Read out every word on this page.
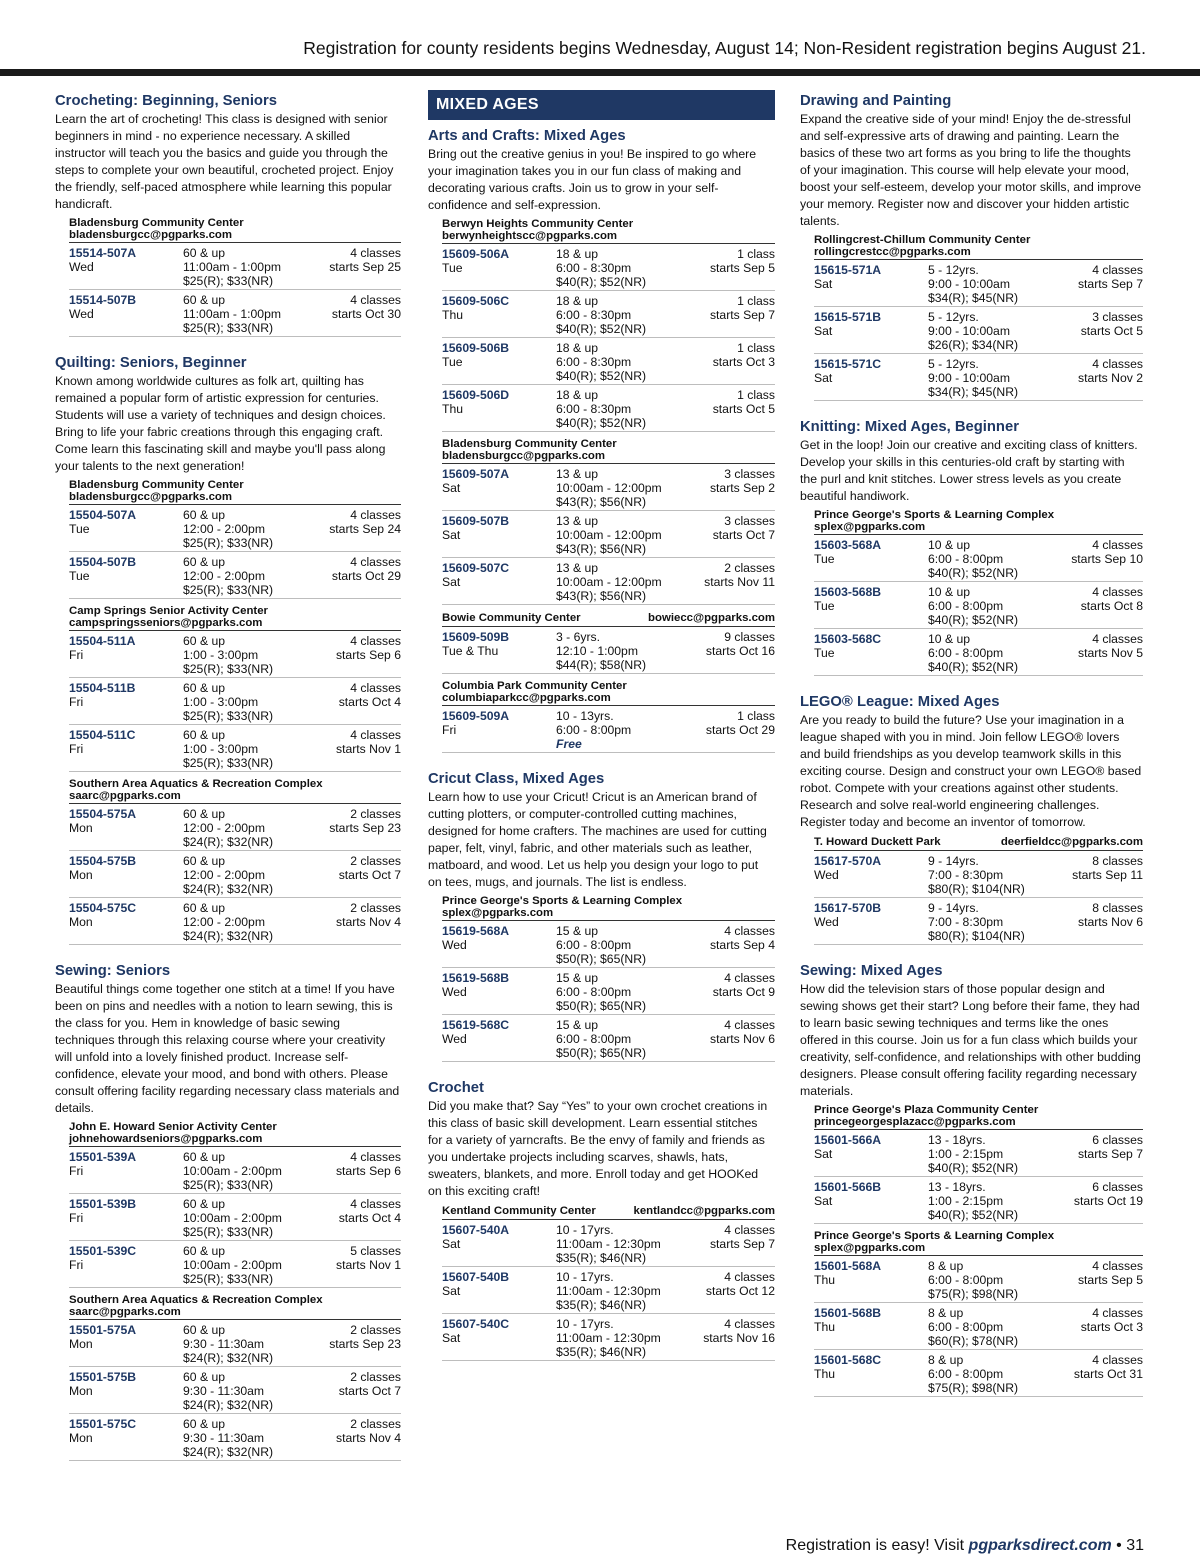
Registration for county residents begins Wednesday, August 14; Non-Resident registration begins August 21.
Crocheting: Beginning, Seniors

Learn the art of crocheting! This class is designed with senior beginners in mind - no experience necessary. A skilled instructor will teach you the basics and guide you through the steps to complete your own beautiful, crocheted project. Enjoy the friendly, self-paced atmosphere while learning this popular handicraft.

Bladensburg Community Center
bladensburgcc@pgparks.com
15514-507A
Wed
60 & up
11:00am - 1:00pm
$25(R); $33(NR)
4 classes
starts Sep 25
15514-507B
Wed
60 & up
11:00am - 1:00pm
$25(R); $33(NR)
4 classes
starts Oct 30
Quilting: Seniors, Beginner

Known among worldwide cultures as folk art, quilting has remained a popular form of artistic expression for centuries. Students will use a variety of techniques and design choices. Bring to life your fabric creations through this engaging craft. Come learn this fascinating skill and maybe you'll pass along your talents to the next generation!

Bladensburg Community Center
bladensburgcc@pgparks.com
15504-507A
Tue
60 & up
12:00 - 2:00pm
$25(R); $33(NR)
4 classes
starts Sep 24
15504-507B
Tue
60 & up
12:00 - 2:00pm
$25(R); $33(NR)
4 classes
starts Oct 29
Camp Springs Senior Activity Center
campspringsseniors@pgparks.com
15504-511A
Fri
60 & up
1:00 - 3:00pm
$25(R); $33(NR)
4 classes
starts Sep 6
15504-511B
Fri
60 & up
1:00 - 3:00pm
$25(R); $33(NR)
4 classes
starts Oct 4
15504-511C
Fri
60 & up
1:00 - 3:00pm
$25(R); $33(NR)
4 classes
starts Nov 1
Southern Area Aquatics & Recreation Complex
saarc@pgparks.com
15504-575A
Mon
60 & up
12:00 - 2:00pm
$24(R); $32(NR)
2 classes
starts Sep 23
15504-575B
Mon
60 & up
12:00 - 2:00pm
$24(R); $32(NR)
2 classes
starts Oct 7
15504-575C
Mon
60 & up
12:00 - 2:00pm
$24(R); $32(NR)
2 classes
starts Nov 4
Sewing: Seniors

Beautiful things come together one stitch at a time! If you have been on pins and needles with a notion to learn sewing, this is the class for you. Hem in knowledge of basic sewing techniques through this relaxing course where your creativity will unfold into a lovely finished product. Increase self-confidence, elevate your mood, and bond with others. Please consult offering facility regarding necessary class materials and details.

John E. Howard Senior Activity Center
johnehowardseniors@pgparks.com
15501-539A
Fri
60 & up
10:00am - 2:00pm
$25(R); $33(NR)
4 classes
starts Sep 6
15501-539B
Fri
60 & up
10:00am - 2:00pm
$25(R); $33(NR)
4 classes
starts Oct 4
15501-539C
Fri
60 & up
10:00am - 2:00pm
$25(R); $33(NR)
5 classes
starts Nov 1
Southern Area Aquatics & Recreation Complex
saarc@pgparks.com
15501-575A
Mon
60 & up
9:30 - 11:30am
$24(R); $32(NR)
2 classes
starts Sep 23
15501-575B
Mon
60 & up
9:30 - 11:30am
$24(R); $32(NR)
2 classes
starts Oct 7
15501-575C
Mon
60 & up
9:30 - 11:30am
$24(R); $32(NR)
2 classes
starts Nov 4
MIXED AGES
Arts and Crafts: Mixed Ages

Bring out the creative genius in you! Be inspired to go where your imagination takes you in our fun class of making and decorating various crafts. Join us to grow in your self-confidence and self-expression.

Berwyn Heights Community Center
berwynheightscc@pgparks.com
15609-506A
Tue
18 & up
6:00 - 8:30pm
$40(R); $52(NR)
1 class
starts Sep 5
15609-506C
Thu
18 & up
6:00 - 8:30pm
$40(R); $52(NR)
1 class
starts Sep 7
15609-506B
Tue
18 & up
6:00 - 8:30pm
$40(R); $52(NR)
1 class
starts Oct 3
15609-506D
Thu
18 & up
6:00 - 8:30pm
$40(R); $52(NR)
1 class
starts Oct 5
Bladensburg Community Center
bladensburgcc@pgparks.com
15609-507A
Sat
13 & up
10:00am - 12:00pm
$43(R); $56(NR)
3 classes
starts Sep 2
15609-507B
Sat
13 & up
10:00am - 12:00pm
$43(R); $56(NR)
3 classes
starts Oct 7
15609-507C
Sat
13 & up
10:00am - 12:00pm
$43(R); $56(NR)
2 classes
starts Nov 11
Bowie Community Center	bowiecc@pgparks.com
15609-509B
Tue & Thu
3 - 6yrs.
12:10 - 1:00pm
$44(R); $58(NR)
9 classes
starts Oct 16
Columbia Park Community Center
columbiaparkcc@pgparks.com
15609-509A
Fri
10 - 13yrs.
6:00 - 8:00pm
Free
1 class
starts Oct 29
Cricut Class, Mixed Ages

Learn how to use your Cricut! Cricut is an American brand of cutting plotters, or computer-controlled cutting machines, designed for home crafters. The machines are used for cutting paper, felt, vinyl, fabric, and other materials such as leather, matboard, and wood. Let us help you design your logo to put on tees, mugs, and journals. The list is endless.

Prince George's Sports & Learning Complex
splex@pgparks.com
15619-568A
Wed
15 & up
6:00 - 8:00pm
$50(R); $65(NR)
4 classes
starts Sep 4
15619-568B
Wed
15 & up
6:00 - 8:00pm
$50(R); $65(NR)
4 classes
starts Oct 9
15619-568C
Wed
15 & up
6:00 - 8:00pm
$50(R); $65(NR)
4 classes
starts Nov 6
Crochet

Did you make that? Say “Yes” to your own crochet creations in this class of basic skill development. Learn essential stitches for a variety of yarncrafts. Be the envy of family and friends as you undertake projects including scarves, shawls, hats, sweaters, blankets, and more. Enroll today and get HOOKed on this exciting craft!

Kentland Community Center	kentlandcc@pgparks.com
15607-540A
Sat
10 - 17yrs.
11:00am - 12:30pm
$35(R); $46(NR)
4 classes
starts Sep 7
15607-540B
Sat
10 - 17yrs.
11:00am - 12:30pm
$35(R); $46(NR)
4 classes
starts Oct 12
15607-540C
Sat
10 - 17yrs.
11:00am - 12:30pm
$35(R); $46(NR)
4 classes
starts Nov 16
Drawing and Painting

Expand the creative side of your mind! Enjoy the de-stressful and self-expressive arts of drawing and painting. Learn the basics of these two art forms as you bring to life the thoughts of your imagination. This course will help elevate your mood, boost your self-esteem, develop your motor skills, and improve your memory. Register now and discover your hidden artistic talents.

Rollingcrest-Chillum Community Center
rollingcrestcc@pgparks.com
15615-571A
Sat
5 - 12yrs.
9:00 - 10:00am
$34(R); $45(NR)
4 classes
starts Sep 7
15615-571B
Sat
5 - 12yrs.
9:00 - 10:00am
$26(R); $34(NR)
3 classes
starts Oct 5
15615-571C
Sat
5 - 12yrs.
9:00 - 10:00am
$34(R); $45(NR)
4 classes
starts Nov 2
Knitting: Mixed Ages, Beginner

Get in the loop! Join our creative and exciting class of knitters. Develop your skills in this centuries-old craft by starting with the purl and knit stitches. Lower stress levels as you create beautiful handiwork.

Prince George's Sports & Learning Complex
splex@pgparks.com
15603-568A
Tue
10 & up
6:00 - 8:00pm
$40(R); $52(NR)
4 classes
starts Sep 10
15603-568B
Tue
10 & up
6:00 - 8:00pm
$40(R); $52(NR)
4 classes
starts Oct 8
15603-568C
Tue
10 & up
6:00 - 8:00pm
$40(R); $52(NR)
4 classes
starts Nov 5
LEGO® League: Mixed Ages

Are you ready to build the future? Use your imagination in a league shaped with you in mind. Join fellow LEGO® lovers and build friendships as you develop teamwork skills in this exciting course. Design and construct your own LEGO® based robot. Compete with your creations against other students. Research and solve real-world engineering challenges. Register today and become an inventor of tomorrow.

T. Howard Duckett Park	deerfieldcc@pgparks.com
15617-570A
Wed
9 - 14yrs.
7:00 - 8:30pm
$80(R); $104(NR)
8 classes
starts Sep 11
15617-570B
Wed
9 - 14yrs.
7:00 - 8:30pm
$80(R); $104(NR)
8 classes
starts Nov 6
Sewing: Mixed Ages

How did the television stars of those popular design and sewing shows get their start? Long before their fame, they had to learn basic sewing techniques and terms like the ones offered in this course. Join us for a fun class which builds your creativity, self-confidence, and relationships with other budding designers. Please consult offering facility regarding necessary materials.

Prince George's Plaza Community Center
princegeorgesplazacc@pgparks.com
15601-566A
Sat
13 - 18yrs.
1:00 - 2:15pm
$40(R); $52(NR)
6 classes
starts Sep 7
15601-566B
Sat
13 - 18yrs.
1:00 - 2:15pm
$40(R); $52(NR)
6 classes
starts Oct 19
Prince George's Sports & Learning Complex
splex@pgparks.com
15601-568A
Thu
8 & up
6:00 - 8:00pm
$75(R); $98(NR)
4 classes
starts Sep 5
15601-568B
Thu
8 & up
6:00 - 8:00pm
$60(R); $78(NR)
4 classes
starts Oct 3
15601-568C
Thu
8 & up
6:00 - 8:00pm
$75(R); $98(NR)
4 classes
starts Oct 31
Registration is easy! Visit pgparksdirect.com • 31
